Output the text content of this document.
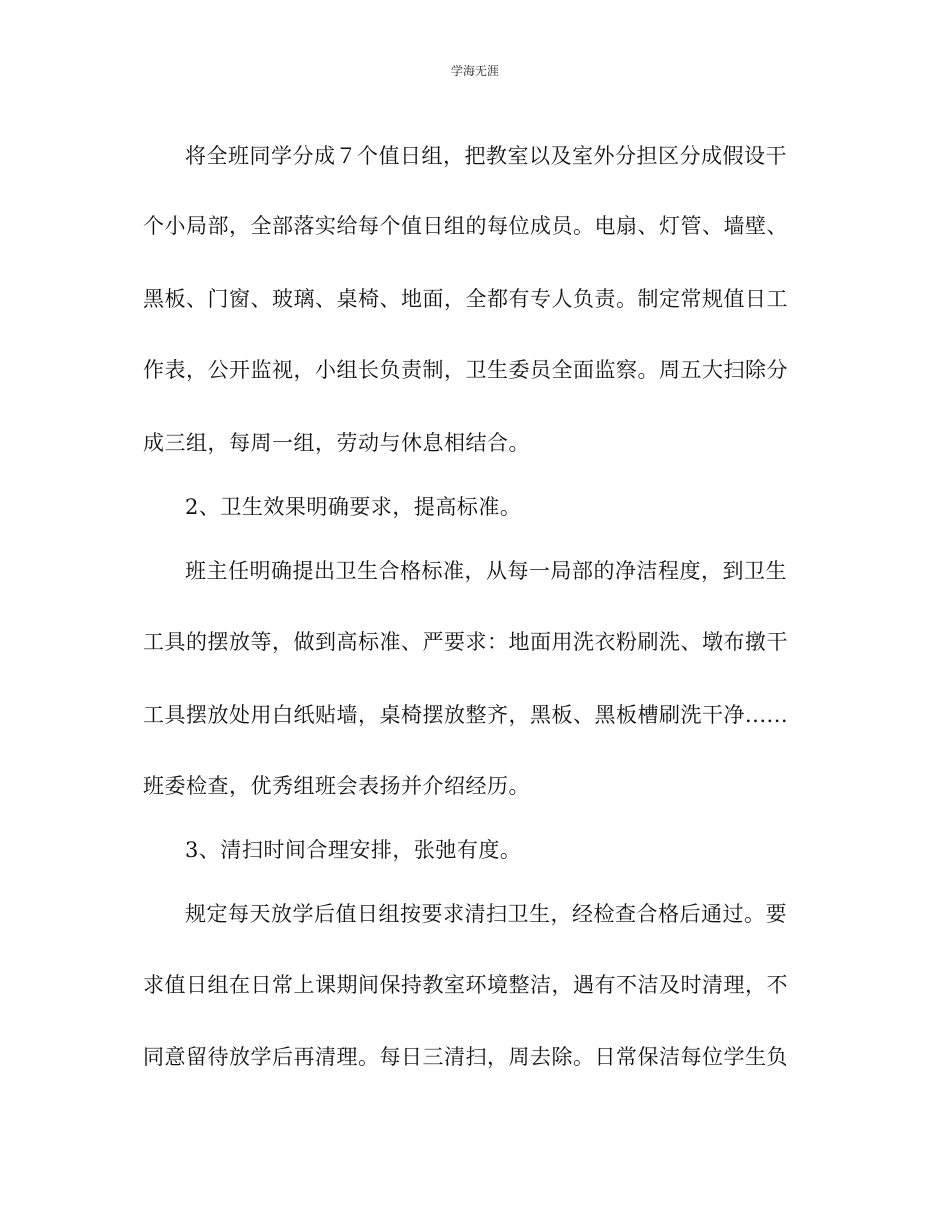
学海无涯
将全班同学分成７个值日组，把教室以及室外分担区分成假设干
个小局部，全部落实给每个值日组的每位成员。电扇、灯管、墙壁、
黑板、门窗、玻璃、桌椅、地面，全都有专人负责。制定常规值日工
作表，公开监视，小组长负责制，卫生委员全面监察。周五大扫除分
成三组，每周一组，劳动与休息相结合。
2、卫生效果明确要求，提高标准。
班主任明确提出卫生合格标准，从每一局部的净洁程度，到卫生
工具的摆放等，做到高标准、严要求：地面用洗衣粉刷洗、墩布撴干
工具摆放处用白纸贴墙，桌椅摆放整齐，黑板、黑板槽刷洗干净......
班委检查，优秀组班会表扬并介绍经历。
3、清扫时间合理安排，张弛有度。
规定每天放学后值日组按要求清扫卫生，经检查合格后通过。要
求值日组在日常上课期间保持教室环境整洁，遇有不洁及时清理，不
同意留待放学后再清理。每日三清扫，周去除。日常保洁每位学生负
